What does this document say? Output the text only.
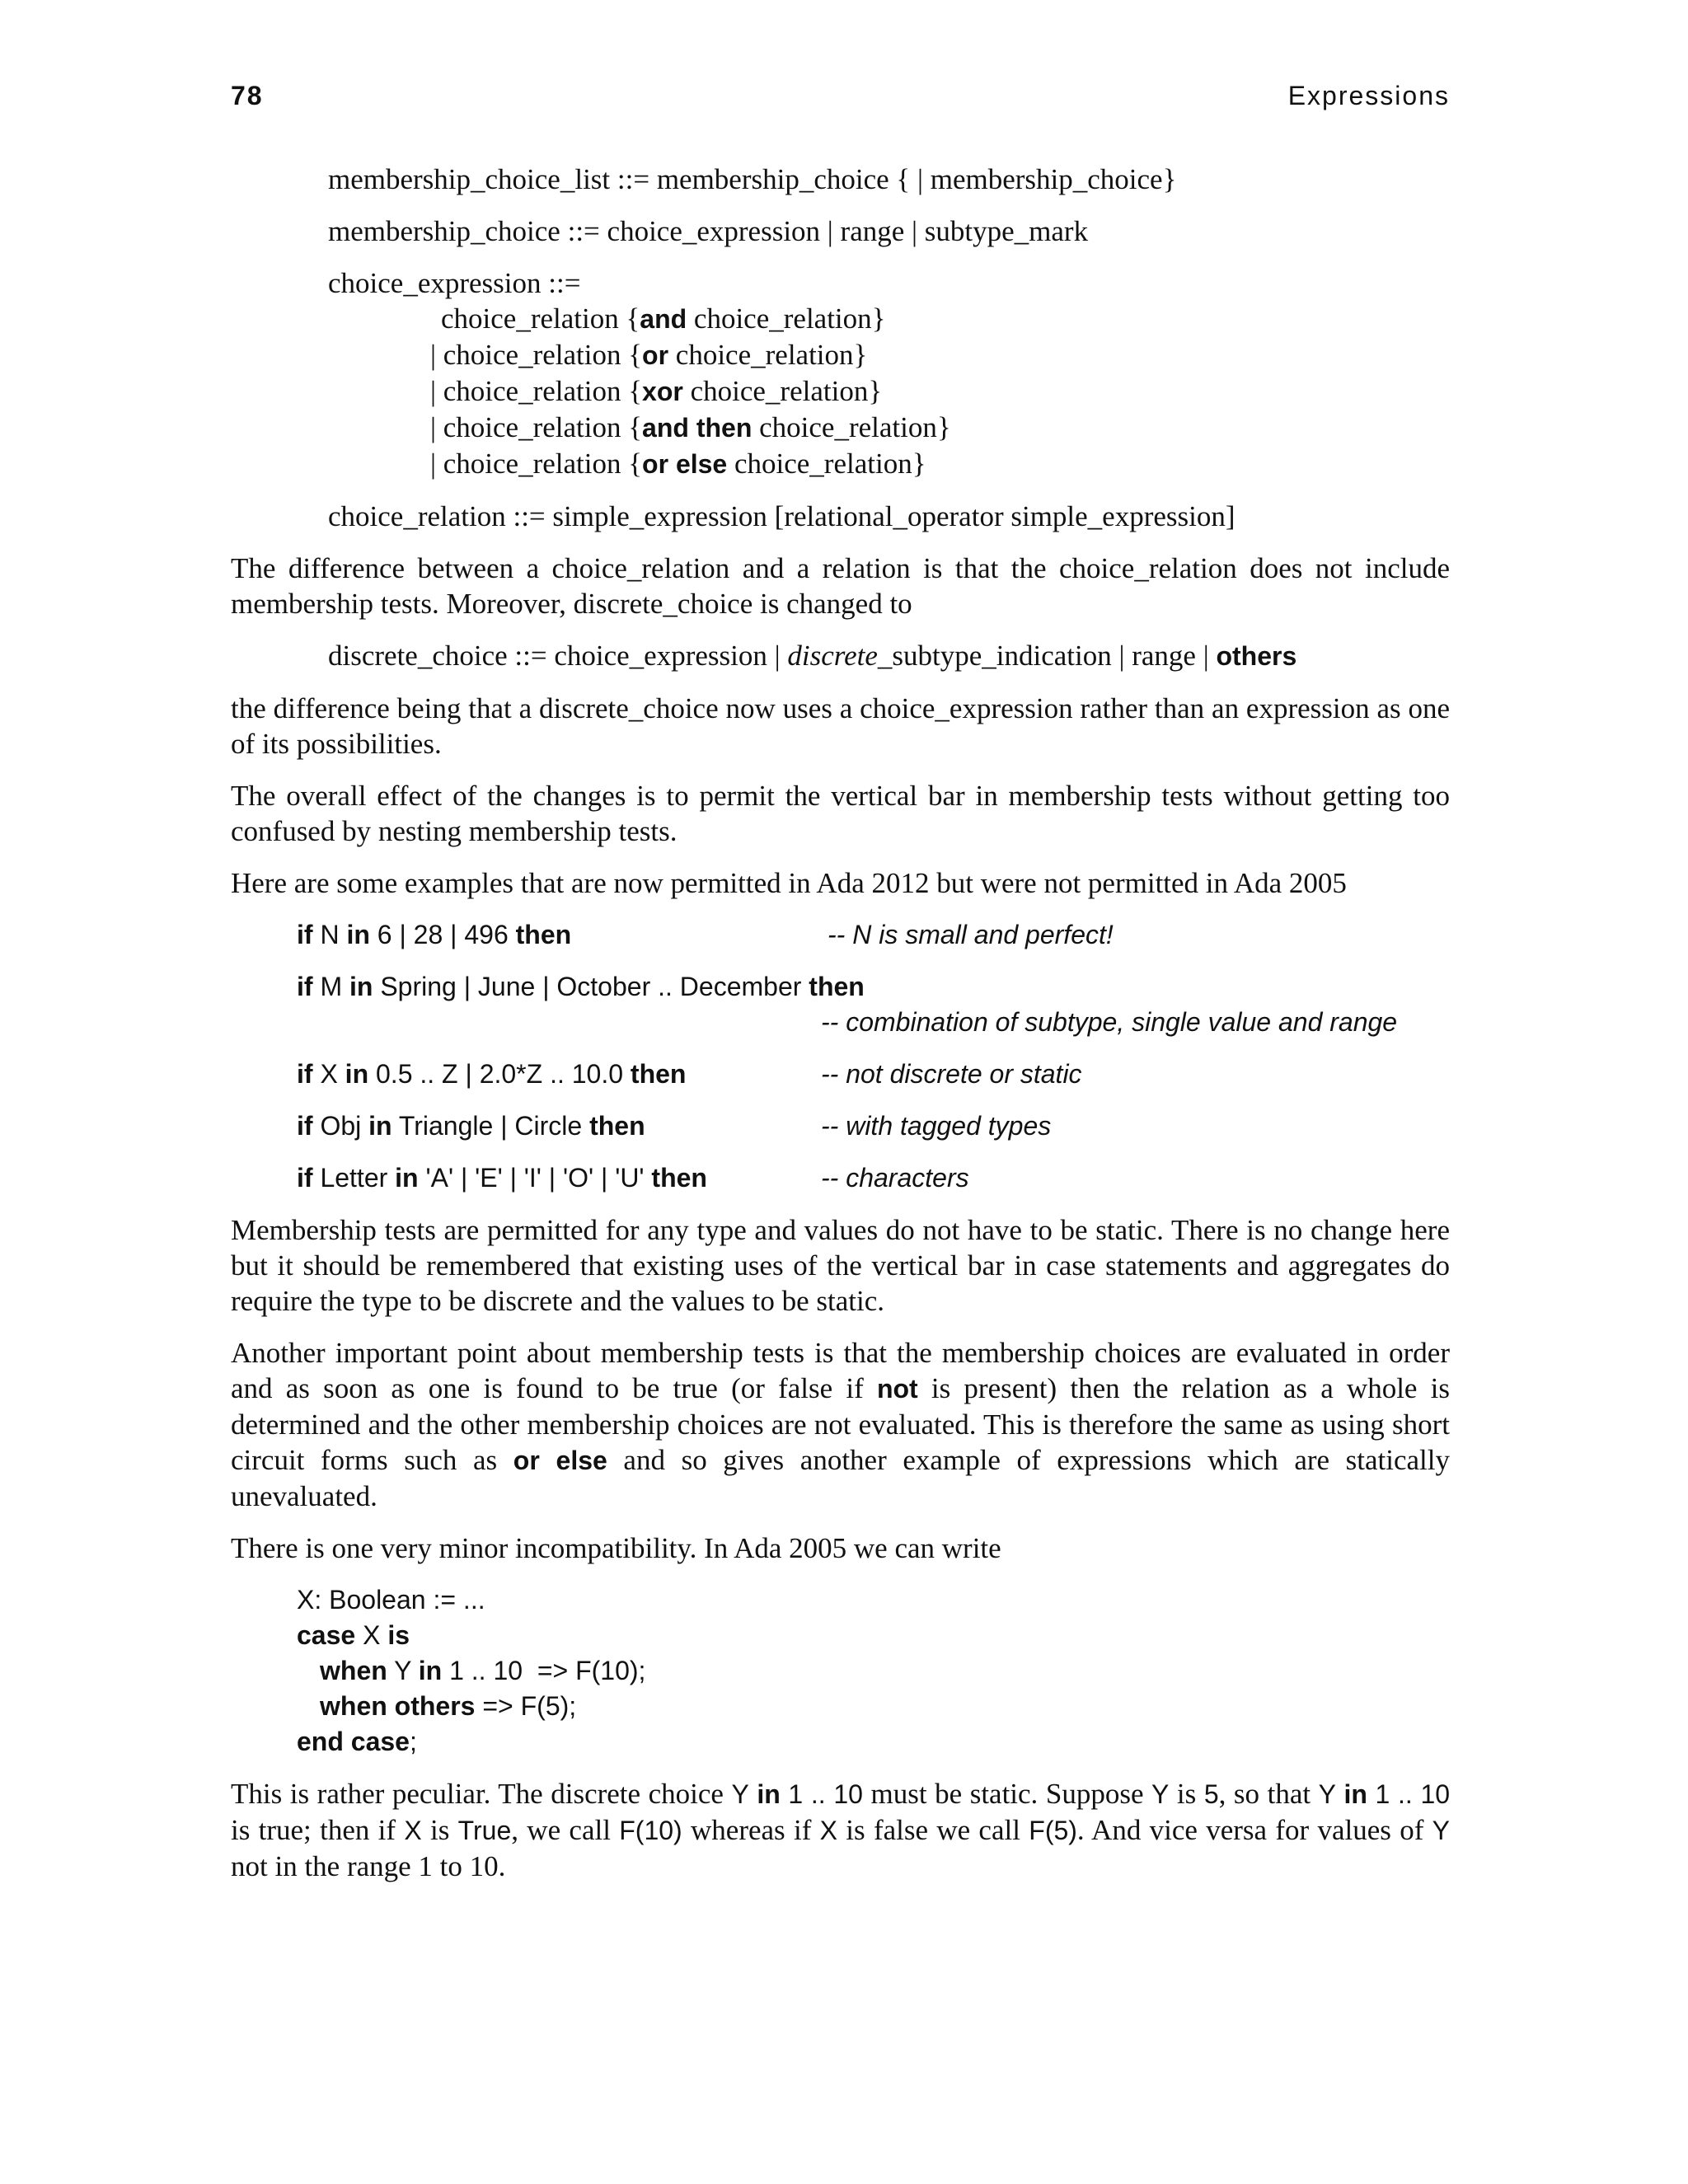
78	Expressions
membership_choice_list ::= membership_choice { | membership_choice}
membership_choice ::= choice_expression | range | subtype_mark
choice_expression ::=
choice_relation {and choice_relation}
| choice_relation {or choice_relation}
| choice_relation {xor choice_relation}
| choice_relation {and then choice_relation}
| choice_relation {or else choice_relation}
choice_relation ::= simple_expression [relational_operator simple_expression]
The difference between a choice_relation and a relation is that the choice_relation does not include membership tests. Moreover, discrete_choice is changed to
discrete_choice ::= choice_expression | discrete_subtype_indication | range | others
the difference being that a discrete_choice now uses a choice_expression rather than an expression as one of its possibilities.
The overall effect of the changes is to permit the vertical bar in membership tests without getting too confused by nesting membership tests.
Here are some examples that are now permitted in Ada 2012 but were not permitted in Ada 2005
if N in 6 | 28 | 496 then	-- N is small and perfect!
if M in Spring | June | October .. December then
-- combination of subtype, single value and range
if X in 0.5 .. Z | 2.0*Z .. 10.0 then	-- not discrete or static
if Obj in Triangle | Circle then	-- with tagged types
if Letter in 'A' | 'E' | 'I' | 'O' | 'U' then	-- characters
Membership tests are permitted for any type and values do not have to be static. There is no change here but it should be remembered that existing uses of the vertical bar in case statements and aggregates do require the type to be discrete and the values to be static.
Another important point about membership tests is that the membership choices are evaluated in order and as soon as one is found to be true (or false if not is present) then the relation as a whole is determined and the other membership choices are not evaluated. This is therefore the same as using short circuit forms such as or else and so gives another example of expressions which are statically unevaluated.
There is one very minor incompatibility. In Ada 2005 we can write
X: Boolean := ...
case X is
when Y in 1 .. 10  => F(10);
when others => F(5);
end case;
This is rather peculiar. The discrete choice Y in 1 .. 10 must be static. Suppose Y is 5, so that Y in 1 .. 10 is true; then if X is True, we call F(10) whereas if X is false we call F(5). And vice versa for values of Y not in the range 1 to 10.
